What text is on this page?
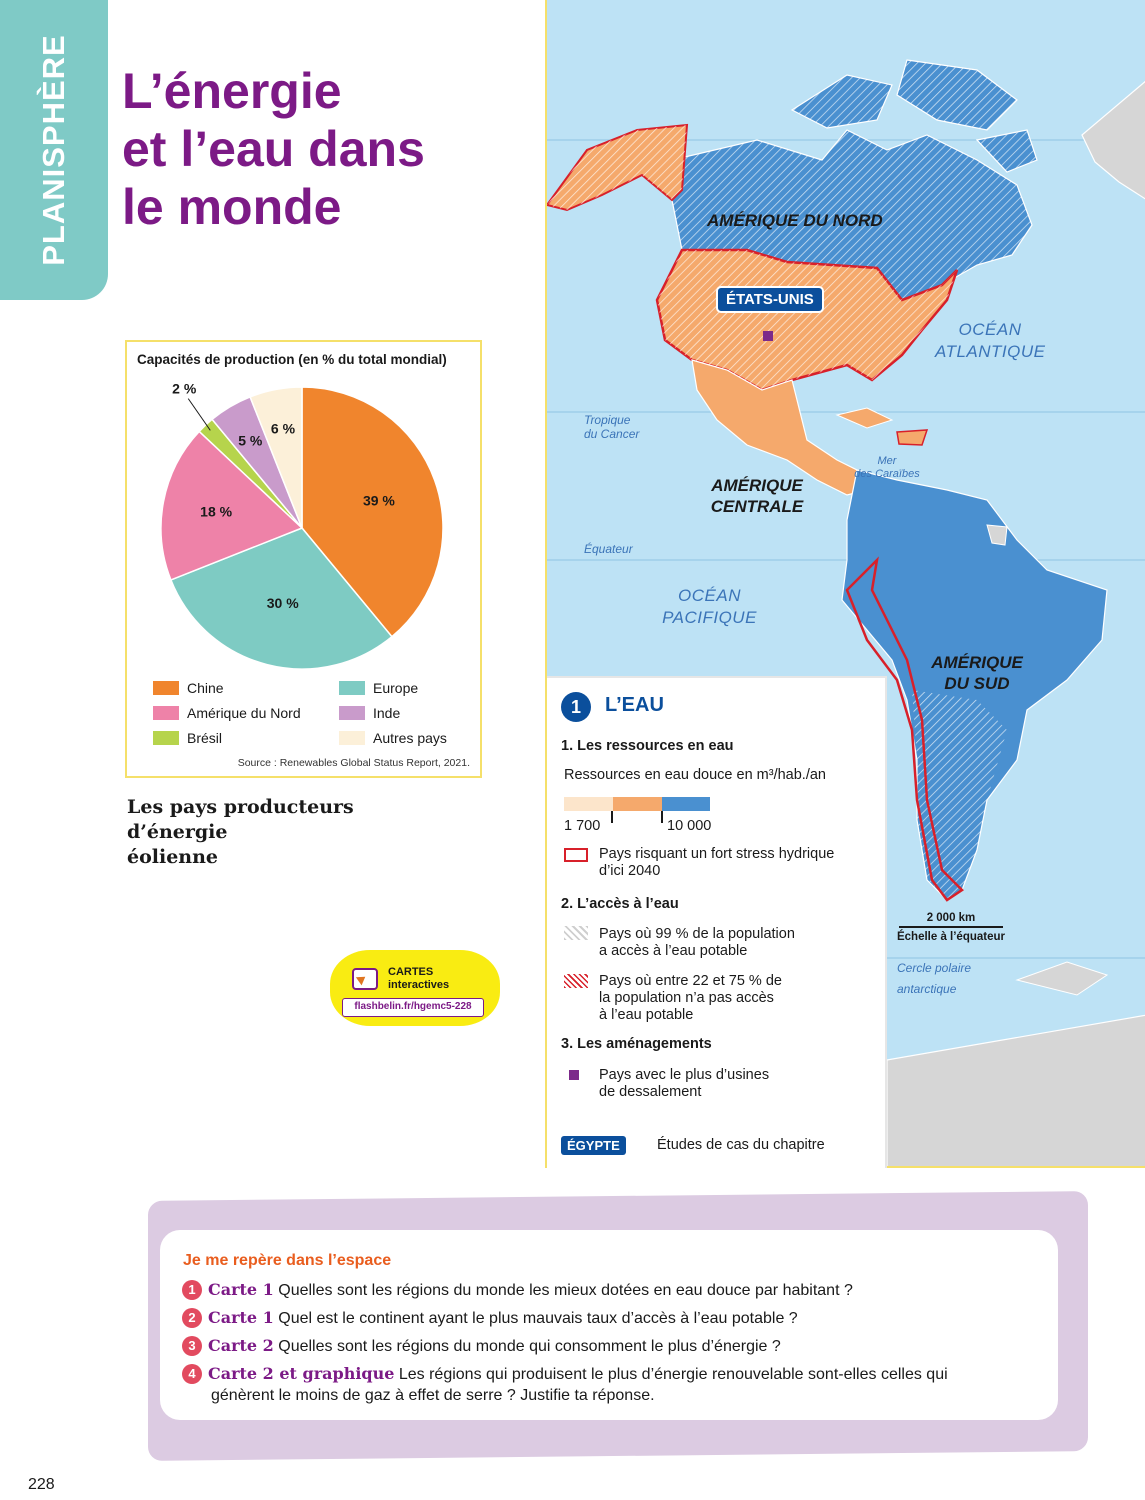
PLANISPHÈRE L’énergie
et l’eau dans
le monde
Capacités de production (en % du total mondial)
39 %
30 %
18 %
2 %
5 %
6 %
Chine	Europe
Amérique du Nord	Inde
Brésil	Autres pays
Source : Renewables Global Status Report, 2021.
Les pays producteurs d’énergie
éolienne
CARTES
interactives
flashbelin.fr/hgemc5-228
AMÉRIQUE DU NORD
AMÉRIQUE
CENTRALE
AMÉRIQUE
DU SUD
OCÉAN
ATLANTIQUE
OCÉAN
PACIFIQUE
Tropique
du Cancer
Équateur
Cercle polaire
antarctique
Mer
des Caraïbes
ÉTATS-UNIS
2 000 km
Échelle à l’équateur
1	L’EAU
1. Les ressources en eau
Ressources en eau douce en m³/hab./an
1 700	10 000
Pays risquant un fort stress hydrique
d’ici 2040
2. L’accès à l’eau
Pays où 99 % de la population
a accès à l’eau potable
Pays où entre 22 et 75 % de
la population n’a pas accès
à l’eau potable
3. Les aménagements
Pays avec le plus d’usines
de dessalement
ÉGYPTE	Études de cas du chapitre
Je me repère dans l’espace
1 Carte 1 Quelles sont les régions du monde les mieux dotées en eau douce par habitant ?
2 Carte 1 Quel est le continent ayant le plus mauvais taux d’accès à l’eau potable ?
3 Carte 2 Quelles sont les régions du monde qui consomment le plus d’énergie ?
4 Carte 2 et graphique Les régions qui produisent le plus d’énergie renouvelable sont-elles celles qui
génèrent le moins de gaz à effet de serre ? Justifie ta réponse.
228
